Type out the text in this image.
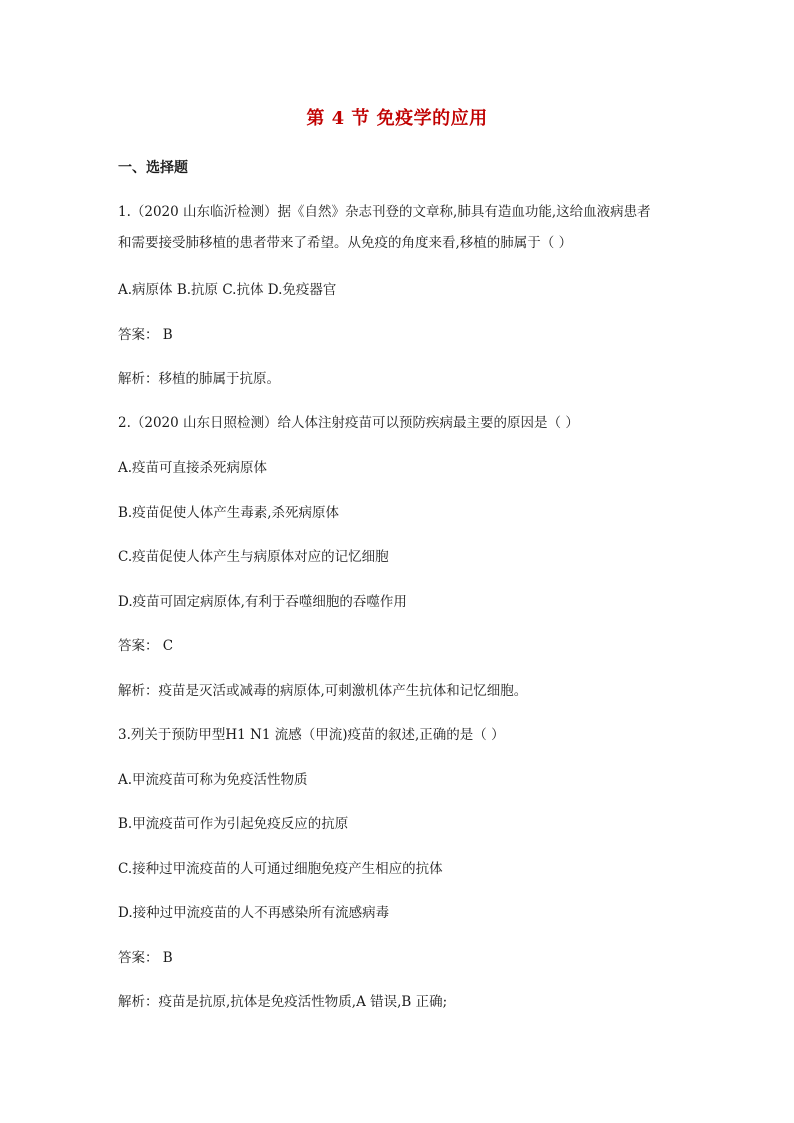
第 4 节 免疫学的应用
一、选择题
1.（2020 山东临沂检测）据《自然》杂志刊登的文章称,肺具有造血功能,这给血液病患者
和需要接受肺移植的患者带来了希望。从免疫的角度来看,移植的肺属于（ ）
A.病原体 B.抗原 C.抗体 D.免疫器官
答案： B
解析：移植的肺属于抗原。
2.（2020 山东日照检测）给人体注射疫苗可以预防疾病最主要的原因是（ ）
A.疫苗可直接杀死病原体
B.疫苗促使人体产生毒素,杀死病原体
C.疫苗促使人体产生与病原体对应的记忆细胞
D.疫苗可固定病原体,有利于吞噬细胞的吞噬作用
答案： C
解析：疫苗是灭活或减毒的病原体,可刺激机体产生抗体和记忆细胞。
3.列关于预防甲型H1 N1 流感（甲流)疫苗的叙述,正确的是（ ）
A.甲流疫苗可称为免疫活性物质
B.甲流疫苗可作为引起免疫反应的抗原
C.接种过甲流疫苗的人可通过细胞免疫产生相应的抗体
D.接种过甲流疫苗的人不再感染所有流感病毒
答案： B
解析：疫苗是抗原,抗体是免疫活性物质,A 错误,B 正确;
